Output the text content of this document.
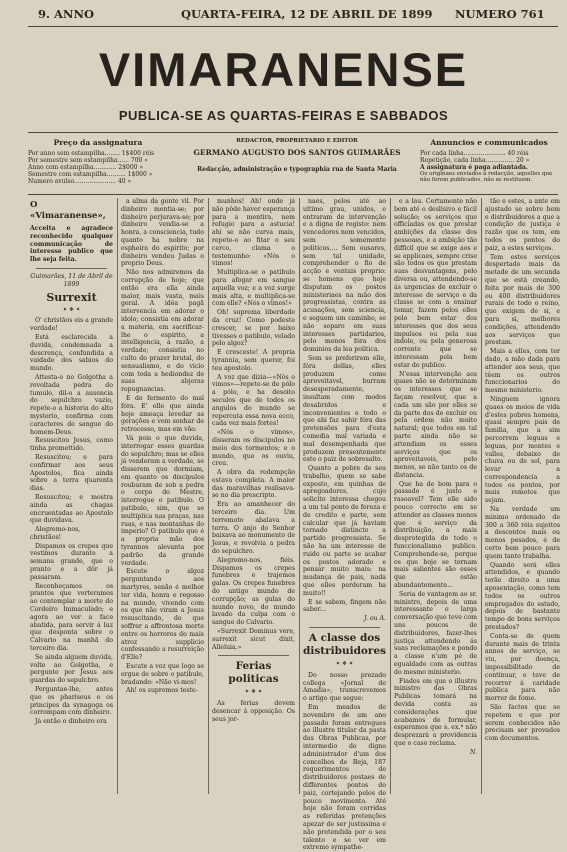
9. ANNO	QUARTA-FEIRA, 12 DE ABRIL DE 1899 NUMERO 761
VIMARANENSE
PUBLICA-SE AS QUARTAS-FEIRAS E SABBADOS
Preço da assignatura
Por anno sem estampilha........ 1$400 réis
Por semestre sem estampilha...... 700 »
Anno com estampilha............ 2$000 »
Semestre com estampilha.......... 1$000 »
Numero avulso...................... 40 »
REDACTOR, PROPRIETARIO E EDITOR
GERMANO AUGUSTO DOS SANTOS GUIMARÃES
Redacção, administração e typographia rua de Santa Maria
Annuncios e communicados
Por cada linha...................... 40 réis
Repetição, cada linha............... 20 »
A assignatura é paga adiantada.
Os originaes enviados á redacção, aquelles que não forem publicados, não se restituem.
O «Vimaranense»,

Acceita e agradece reconhecido qualquer communicação de interesse publico que lhe seja feita.

Guimarães, 11 de Abril de 1899

Surrexit
✦ ❖ ✦

O' christãos eis a grande verdade!

Está esclarecida a duvida, condemnada a descrença, confundida a vaidade dos sabios do mundo.

Attesta-o no Golgotha a revoltada pedra do tumulo, dil-o a ausencia do sepulchro vazio, repete-o a historia do alto mysterio, confirma com caracteres de sangue do homem-Deus.

Resuscitou Jesus, como tinha promettido.

Resuscitou; e para confirmar aos seus Apostolos, fica ainda sobre a terra quarenta dias.

Resuscitou; e mostra ainda as chagas encruentadas ao Apostolo que duvidava.

Alegremo-nos, christãos!

Dispamos os crepes que vestimos durante a semana grande, que o pranto e a dôr já passaram.

Reconheçamos os prantos que verteramos ao contemplar a morte do Cordeiro Immaculado; e agora ao ver a face abatida, para servir á luz que desponta sobre o Calvario na manhã do terceiro dia.

Se ainda alguem duvida, volte ao Golgotha, e pergunte por Jesus aos guardas do sepulchro.

Perguntae-lhe, antes que os phariseus e os principes da synagoga os corrompam com dinheiro.

Já então o dinheiro era

a alma da gente vil. Por dinheiro mentia-se; por dinheiro perjurava-se; por dinheiro vendia-se a honra, a consciencia, tudo quanto ha nobre na espheira do espirito; por dinheiro vendeu Judas o proprio Deus.

Não nos admiremos da corrupção de hoje; que então era ella ainda maior, mais vasta, mais geral. A idéa pagã intervencia em adorar o idolo; consistia em adorar a materia, em sacrificar-lhe o espirito, a intelligencia, a razão, a verdade; consistia no culto do prazer brutal, do sensualismo, e do vicio com toda a hediondez de suas abjeras repugnancias.

E de fermento do mal fóra. E' elle que ainda hoje ameaça levedar as gerações e vem sonhar de retrocesso, mas em vão.

Vá pois o que duvida, interrogar esses guardas do sepulchro; mas se elles já venderam a verdade, se disserem que dormiam, em quanto os discipulos roubaram de sob a pedra o corpo do Mestre, interrogue o patibulo. O patibulo, sim, que se multiplica nas praças, nas ruas, e nas montanhas do imperio? O patibulo que é a propria mão dos tyrannos alevanta por padrão da grande verdade.

Escute o algoz perguntando aos martyres, senão é melhor ter vida, honra e regosso na mundo, vivendo com os que não viram a Jesus resuscitando, do que soffrer a affrontosa morte entre os horrores do mais atroz supplicio confessando a resurreição d'Elle?

Escute a voz que logo se ergue de sobre o patibulo, bradando: «Não vi-mos!

Ah! os supremos teste-

munhos! Ah! onde já não pôde haver esperança para a mentira, nem refugio para a astucia! ahi se não curva mais, repete-o ao fitar o seu cerco, clama o testemunho: «Nós o vimos!

Multiplica-se o patibulo para afogar em sangue aquella voz; e a voz surge mais alta, e multiplica-se com elle? «Nós o vimos!»

Oh! suprema liberdade da cruz! Como podeste crescer, se por baixo tivesses o patibulo, velado pelo algoz?

E cresceste! A propria tyrannia, sem querer, foi teu apostolo.

A voz que dizia—«Nós o vimos»—repete-se de pólo a pólo, e ha desoito seculos que de todos os angulos do mundo se repercuta essa nova ecco, cada vez mais fortes!

«Nós o vimos», disseram os discipulos no meio dos tormentos; e o mundo, que os ouviu, creu.

A obra da redempção estava completa. A maior das maravilhas realisava-se no dia prescripto.

Era ao amanhecer do terceiro dia. Um terremoto abalava a terra. O anjo do Senhor baixava ao monumento de Jesus, e revolvia a pedra do sepulchro.

Alegremo-nos, fiéis. Dispamos os crepes funebres e trajemos galas. Os crepes funebres do antigo mundo de corrupção; as galas do mundo novo, do mundo lavado da culpa com o sangue do Calvario.

«Surrexit Dominus vere, surrexit sicut dixit, Alleluia.»

Ferias politicas
✦ ❖ ✦

As ferias devem desencar á opposição. Os seus jor-

naes, pelos até ao ultimo grau, unidos, e entraram de intervenção e a digna de registo: nem vencedores nem vencidos, sem somemente politicos.... Sem ousares, sem tal unidade, comprehender o fio de acção e ventais proprio: se homens que hoje disputam os postos ministeriaes na mão dos progressistas, contra as acusações, sem sciencia, e seguem um caminho, se não soparo em suas interesses partidarios, pelo menos fóra dos dominios da lea politica.

Sem se preferirem elle, fóra dellas, elles produzem como aproveitavel, burram desesperadamente, insultam com modos desabridos e inconvenientes e todo o que ahi faz sahir fóra das pretensões para d'esta comedia mal variada e mal desempenhada que produzem presentemente este o paiz de sobresalto.

Quanto a pobre de seu trabalho, quem se sabe exposto, em quinhas de apregoadores, cujo solicito interessa chegou a um tal ponto de fereza e de credito e parte, sem calcular que já haviam tornado distincto a partido progressista. Se não ha um interesse de ruido ou parte se acabar os postos adorado e pensar muito mais: na mudança de pais, nada que elles perderam ha muito!!

E se sabem, fingem não saber...

J. ou A.

A classe dos distribuidores
✦ ❖ ✦

Do nosso prezado collega «Jornal de Amadia», transcrevemos o artigo que segue:

Em meados de novembro de um ano passado foram entregues ao illustre titular da pasta das Obras Publicas, por intermedio de digno administrador d'um dos concelhos de Beja, 187 requerimentos de distribuidores postaes de differentes pontos do paiz, cortejando pelos de pouco movimento. Até hoje não foram corridas as referidas pretenções apezar de ser justissima e não pretendida por o seu talento e se ver em extremo sympathe-

e a lau. Certamente não bem até o deslisivo e fácil solução; os serviços que officiadas os que prestar ambições da classe dos pessoaes, e a ambição tão difficil que se exige aos e se applicaes, sempre crise são todos os que prestam suas desvantagens, pelo diversa ou, attendendo-se ás urgencias de excluir o interesse de serviço e da classe se com a ensinar tomar, fazem pelos elles pelo bem estar dos interesses que dos seus impulsos ou pela sua indole, ou pela generosa corrente que se interessam pela bem estar do publico.

N'essa intervenção aos quaes não se determinam os interesses que se façam resolver, que a cada um são por elles se da parte dos de excluir ou pela ordem não muito natural; que todos em tal parte ainda não se attendiam os esses serviços que os aproveitaveis, pelo menos, se não tanto os de distancia.

Que ha de bom para o passado é justo e rasoavel? Tem elle sido pouco correcto em se attender as classes menos que é serviço da distribuição, a mais desprotegida de todo o funccionalismo publico. Comprehende-se, porque os que hoje se tornam mais salientes são esses que estão abundantemente...

Seria de vantagem ao sr. ministro, depois de uma interessante e larga conversação que teve com uns poucos de distribuidores, fazer-lhes justiça attendendo ás suas reclamações e pondo a classe n'um pé de egualdade com as outras do mesmo ministerio.

Fiados em que o illustre ministro das Obras Publicas tomará na devida conta as considerações que acabamos de formular, esperamos que s. ex.ª não desprezará a providencia que o caso reclama.

N.

tão e estes, a ante em ajustado se sobre bem e distribuidores a que a condição de justiça é razão que os tem, em todos os pontos do paiz, a estes serviços.

Tem estes serviços despertado mais da metade de um secunda que se está creando, feita por mais de 300 ou 400 distribuidores rurais de todo o reino, que exigem de si, e para si, melhores condições, attendendo aos serviços que prestam.

Mais a elles, com ter dado, a mão dada para attender aos seus, que têem os outros funccionarios do mesmo ministerio.

Ninguem ignora quaes os meios de vida d'estes pobres homens, quasi sempre pais de familia, que a sim percorrem leguas e leguas, por montes e valles, debaixo de chuva ou de sol, para levar a correspondencia a todos os pontos, por mais remotos que sejam.

Na verdade um minimo ordenado de 300 a 360 réis sujeitos a descontos mais ou menos pesados, é de certo bem pouco para quem tanto trabalha.

Quando será elles attendidos, e quando terão direito a uma aposentação, como tem todos os outros empregados do estado, depois de bastante tempo de bons serviços prestados?

Conta-se de quem durante mais de trinta annos de serviço, se viu, por doença, impossibilitado de continuar, e teve de recorrer á caridade publica para não morrer de fome.

São factos que se repetem e que por serem conhecidos não precisam ser provados com documentos.
